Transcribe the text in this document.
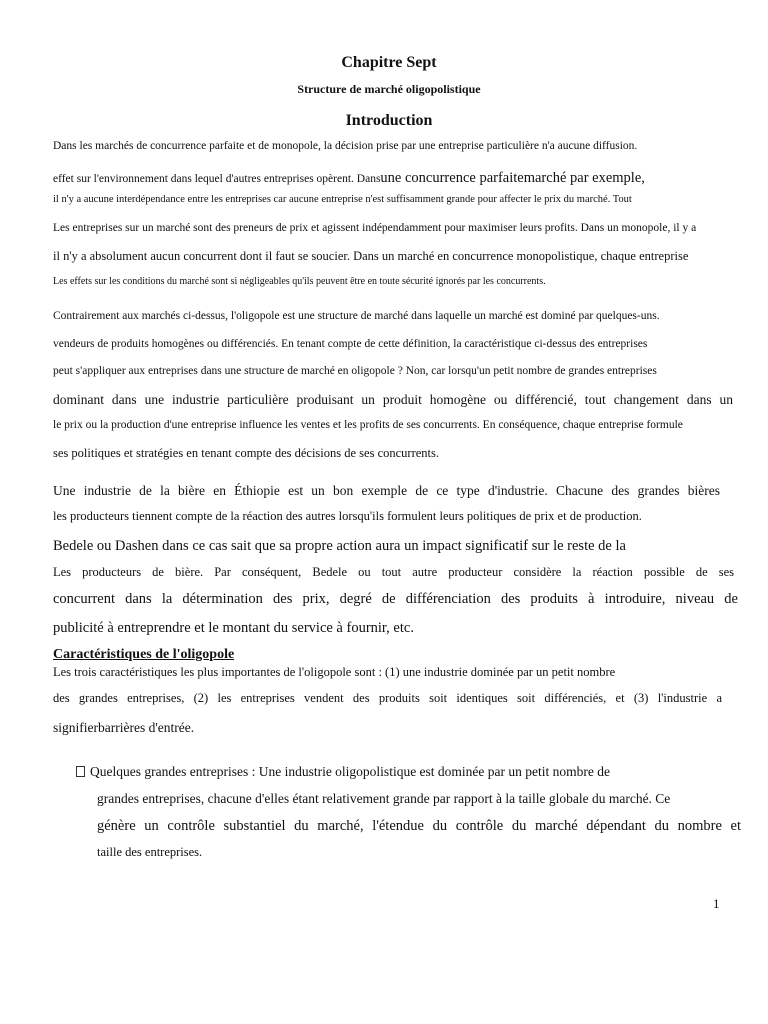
Chapitre Sept
Structure de marché oligopolistique
Introduction

Dans les marchés de concurrence parfaite et de monopole, la décision prise par une entreprise particulière n'a aucune diffusion.

effet sur l'environnement dans lequel d'autres entreprises opèrent. Dansune concurrence parfaitemarché par exemple,

il n'y a aucune interdépendance entre les entreprises car aucune entreprise n'est suffisamment grande pour affecter le prix du marché. Tout

Les entreprises sur un marché sont des preneurs de prix et agissent indépendamment pour maximiser leurs profits. Dans un monopole, il y a

il n'y a absolument aucun concurrent dont il faut se soucier. Dans un marché en concurrence monopolistique, chaque entreprise

Les effets sur les conditions du marché sont si négligeables qu'ils peuvent être en toute sécurité ignorés par les concurrents.

Contrairement aux marchés ci-dessus, l'oligopole est une structure de marché dans laquelle un marché est dominé par quelques-uns.

vendeurs de produits homogènes ou différenciés. En tenant compte de cette définition, la caractéristique ci-dessus des entreprises

peut s'appliquer aux entreprises dans une structure de marché en oligopole ? Non, car lorsqu'un petit nombre de grandes entreprises

dominant dans une industrie particulière produisant un produit homogène ou différencié, tout changement dans un

le prix ou la production d'une entreprise influence les ventes et les profits de ses concurrents. En conséquence, chaque entreprise formule

ses politiques et stratégies en tenant compte des décisions de ses concurrents.

Une industrie de la bière en Éthiopie est un bon exemple de ce type d'industrie. Chacune des grandes bières

les producteurs tiennent compte de la réaction des autres lorsqu'ils formulent leurs politiques de prix et de production.

Bedele ou Dashen dans ce cas sait que sa propre action aura un impact significatif sur le reste de la

Les producteurs de bière. Par conséquent, Bedele ou tout autre producteur considère la réaction possible de ses

concurrent dans la détermination des prix, degré de différenciation des produits à introduire, niveau de

publicité à entreprendre et le montant du service à fournir, etc.

Caractéristiques de l'oligopole

Les trois caractéristiques les plus importantes de l'oligopole sont : (1) une industrie dominée par un petit nombre

des grandes entreprises, (2) les entreprises vendent des produits soit identiques soit différenciés, et (3) l'industrie a

signifierbarrières d'entrée.

Quelques grandes entreprises : Une industrie oligopolistique est dominée par un petit nombre de

grandes entreprises, chacune d'elles étant relativement grande par rapport à la taille globale du marché. Ce

génère un contrôle substantiel du marché, l'étendue du contrôle du marché dépendant du nombre et

taille des entreprises.

1
